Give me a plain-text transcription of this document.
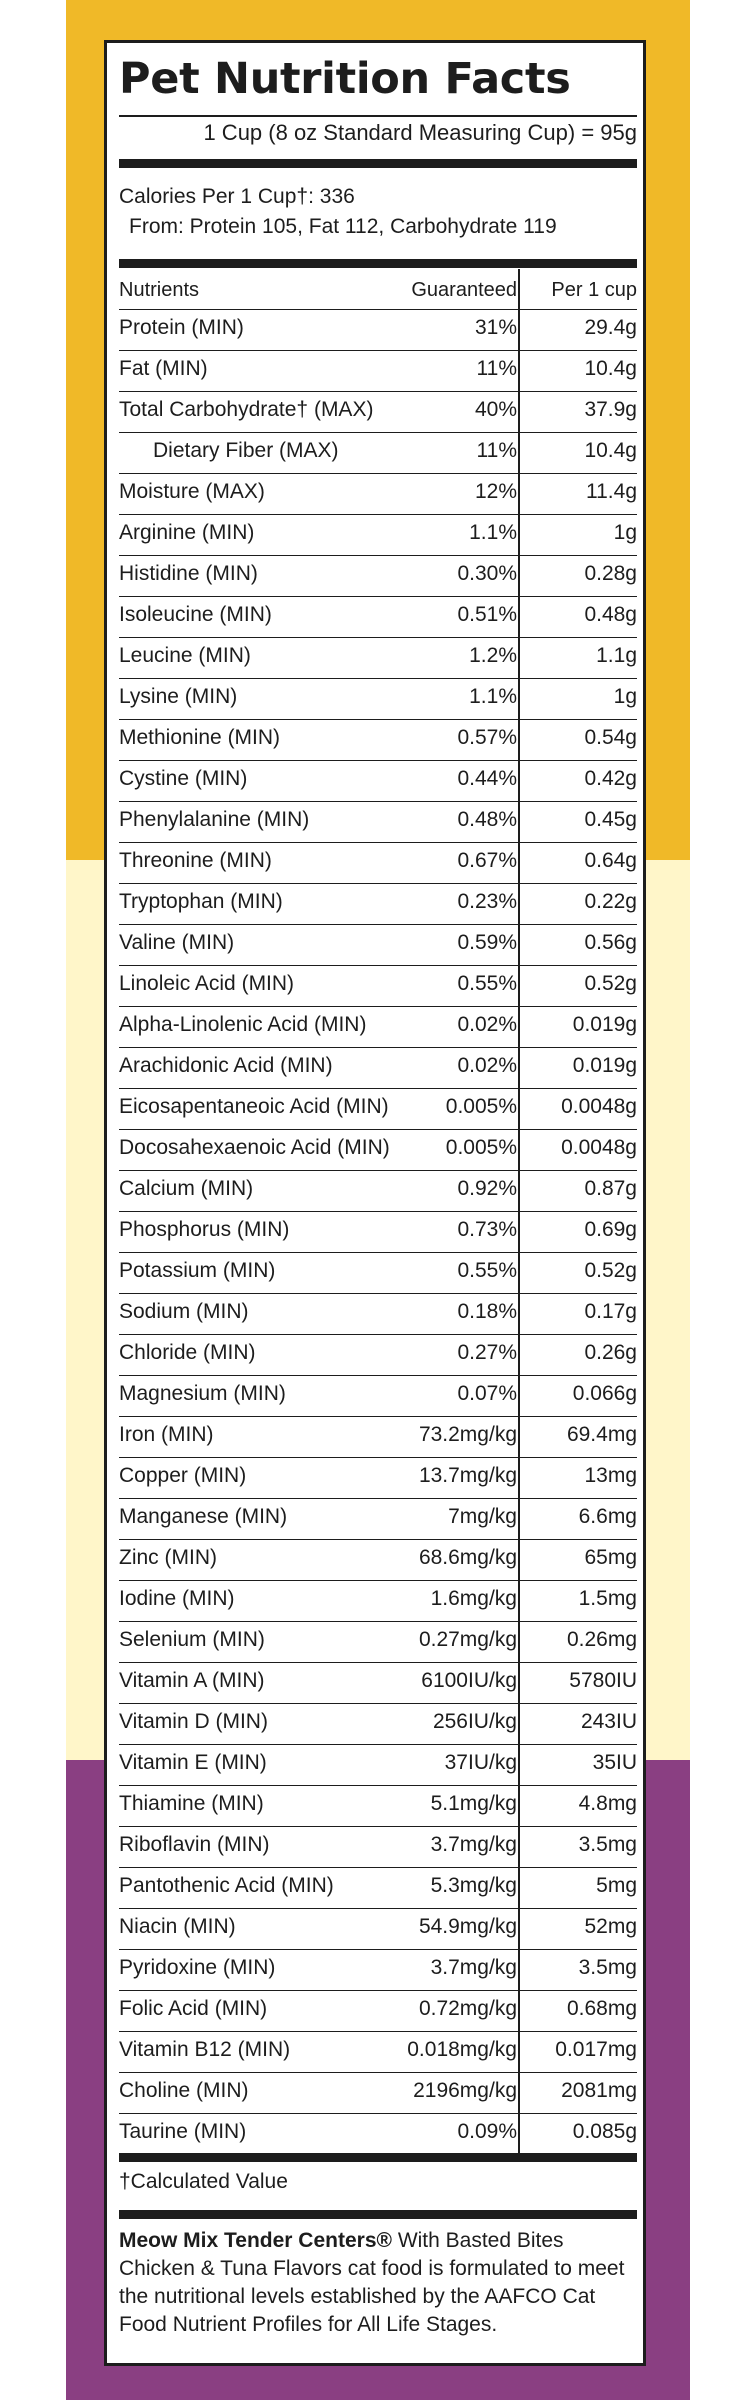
Pet Nutrition Facts
1 Cup (8 oz Standard Measuring Cup) = 95g
Calories Per 1 Cup†: 336
From: Protein 105, Fat 112, Carbohydrate 119
Nutrients	Guaranteed Per 1 cup
Protein (MIN)	31%	29.4g
Fat (MIN)	11%	10.4g
Total Carbohydrate† (MAX)	40%	37.9g
Dietary Fiber (MAX)	11%	10.4g
Moisture (MAX)	12%	11.4g
Arginine (MIN)	1.1%	1g
Histidine (MIN)	0.30%	0.28g
Isoleucine (MIN)	0.51%	0.48g
Leucine (MIN)	1.2%	1.1g
Lysine (MIN)	1.1%	1g
Methionine (MIN)	0.57%	0.54g
Cystine (MIN)	0.44%	0.42g
Phenylalanine (MIN)	0.48%	0.45g
Threonine (MIN)	0.67%	0.64g
Tryptophan (MIN)	0.23%	0.22g
Valine (MIN)	0.59%	0.56g
Linoleic Acid (MIN)	0.55%	0.52g
Alpha-Linolenic Acid (MIN)	0.02%	0.019g
Arachidonic Acid (MIN)	0.02%	0.019g
Eicosapentaneoic Acid (MIN)	0.005% 0.0048g
Docosahexaenoic Acid (MIN)	0.005% 0.0048g
Calcium (MIN)	0.92%	0.87g
Phosphorus (MIN)	0.73%	0.69g
Potassium (MIN)	0.55%	0.52g
Sodium (MIN)	0.18%	0.17g
Chloride (MIN)	0.27%	0.26g
Magnesium (MIN)	0.07%	0.066g
Iron (MIN)	73.2mg/kg 69.4mg
Copper (MIN)	13.7mg/kg	13mg
Manganese (MIN)	7mg/kg	6.6mg
Zinc (MIN)	68.6mg/kg	65mg
Iodine (MIN)	1.6mg/kg	1.5mg
Selenium (MIN)	0.27mg/kg 0.26mg
Vitamin A (MIN)	6100IU/kg 5780IU
Vitamin D (MIN)	256IU/kg	243IU
Vitamin E (MIN)	37IU/kg	35IU
Thiamine (MIN)	5.1mg/kg	4.8mg
Riboflavin (MIN)	3.7mg/kg	3.5mg
Pantothenic Acid (MIN)	5.3mg/kg	5mg
Niacin (MIN)	54.9mg/kg	52mg
Pyridoxine (MIN)	3.7mg/kg	3.5mg
Folic Acid (MIN)	0.72mg/kg 0.68mg
Vitamin B12 (MIN)	0.018mg/kg 0.017mg
Choline (MIN)	2196mg/kg 2081mg
Taurine (MIN)	0.09%	0.085g
†Calculated Value
Meow Mix Tender Centers® With Basted Bites Chicken & Tuna Flavors cat food is formulated to meet the nutritional levels established by the AAFCO Cat Food Nutrient Profiles for All Life Stages.
